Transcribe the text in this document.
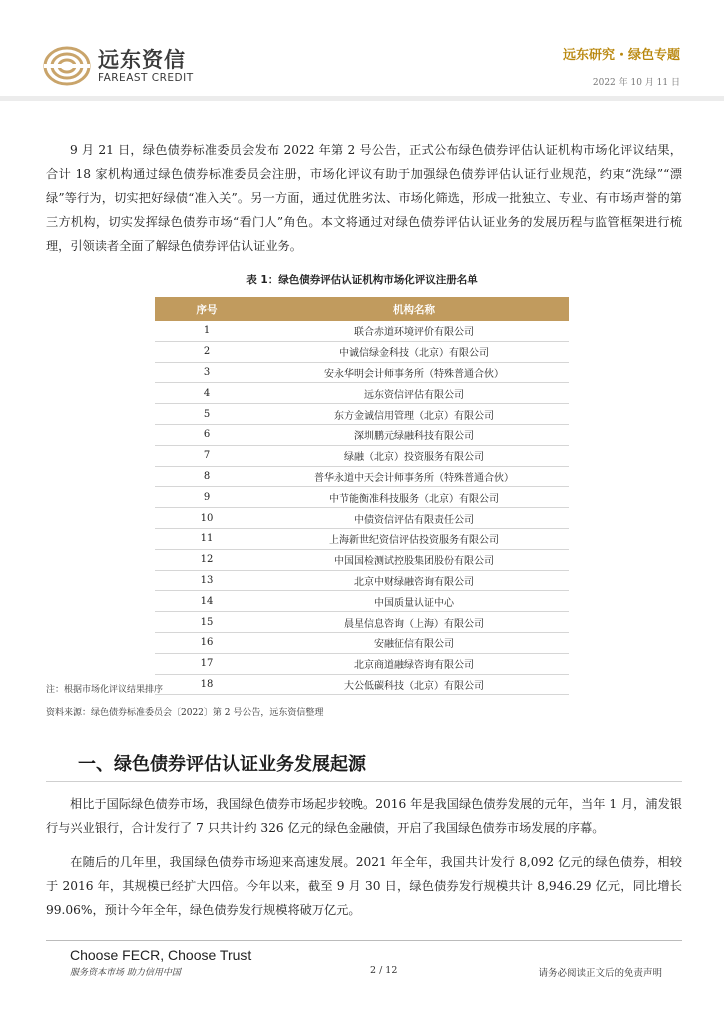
远东资信
FAREAST CREDIT
远东研究・绿色专题
2022 年 10 月 11 日

9 月 21 日，绿色债券标准委员会发布 2022 年第 2 号公告，正式公布绿色债券评估认证机构市场化评议结果，合计 18 家机构通过绿色债券标准委员会注册，市场化评议有助于加强绿色债券评估认证行业规范，约束“洗绿”“漂绿”等行为，切实把好绿债“准入关”。另一方面，通过优胜劣汰、市场化筛选，形成一批独立、专业、有市场声誉的第三方机构，切实发挥绿色债券市场“看门人”角色。本文将通过对绿色债券评估认证业务的发展历程与监管框架进行梳理，引领读者全面了解绿色债券评估认证业务。

表 1：绿色债券评估认证机构市场化评议注册名单
序号	机构名称
1	联合赤道环境评价有限公司
2	中诚信绿金科技（北京）有限公司
3	安永华明会计师事务所（特殊普通合伙）
4	远东资信评估有限公司
5	东方金诚信用管理（北京）有限公司
6	深圳鹏元绿融科技有限公司
7	绿融（北京）投资服务有限公司
8	普华永道中天会计师事务所（特殊普通合伙）
9	中节能衡准科技服务（北京）有限公司
10	中债资信评估有限责任公司
11	上海新世纪资信评估投资服务有限公司
12	中国国检测试控股集团股份有限公司
13	北京中财绿融咨询有限公司
14	中国质量认证中心
15	晨星信息咨询（上海）有限公司
16	安融征信有限公司
17	北京商道融绿咨询有限公司
18	大公低碳科技（北京）有限公司
注：根据市场化评议结果排序
资料来源：绿色债券标准委员会〔2022〕第 2 号公告，远东资信整理
一、绿色债券评估认证业务发展起源

相比于国际绿色债券市场，我国绿色债券市场起步较晚。2016 年是我国绿色债券发展的元年，当年 1 月，浦发银行与兴业银行，合计发行了 7 只共计约 326 亿元的绿色金融债，开启了我国绿色债券市场发展的序幕。

在随后的几年里，我国绿色债券市场迎来高速发展。2021 年全年，我国共计发行 8,092 亿元的绿色债券，相较于 2016 年，其规模已经扩大四倍。今年以来，截至 9 月 30 日，绿色债券发行规模共计 8,946.29 亿元，同比增长 99.06%，预计今年全年，绿色债券发行规模将破万亿元。

Choose FECR, Choose Trust
服务资本市场 助力信用中国	2 / 12	请务必阅读正文后的免责声明
